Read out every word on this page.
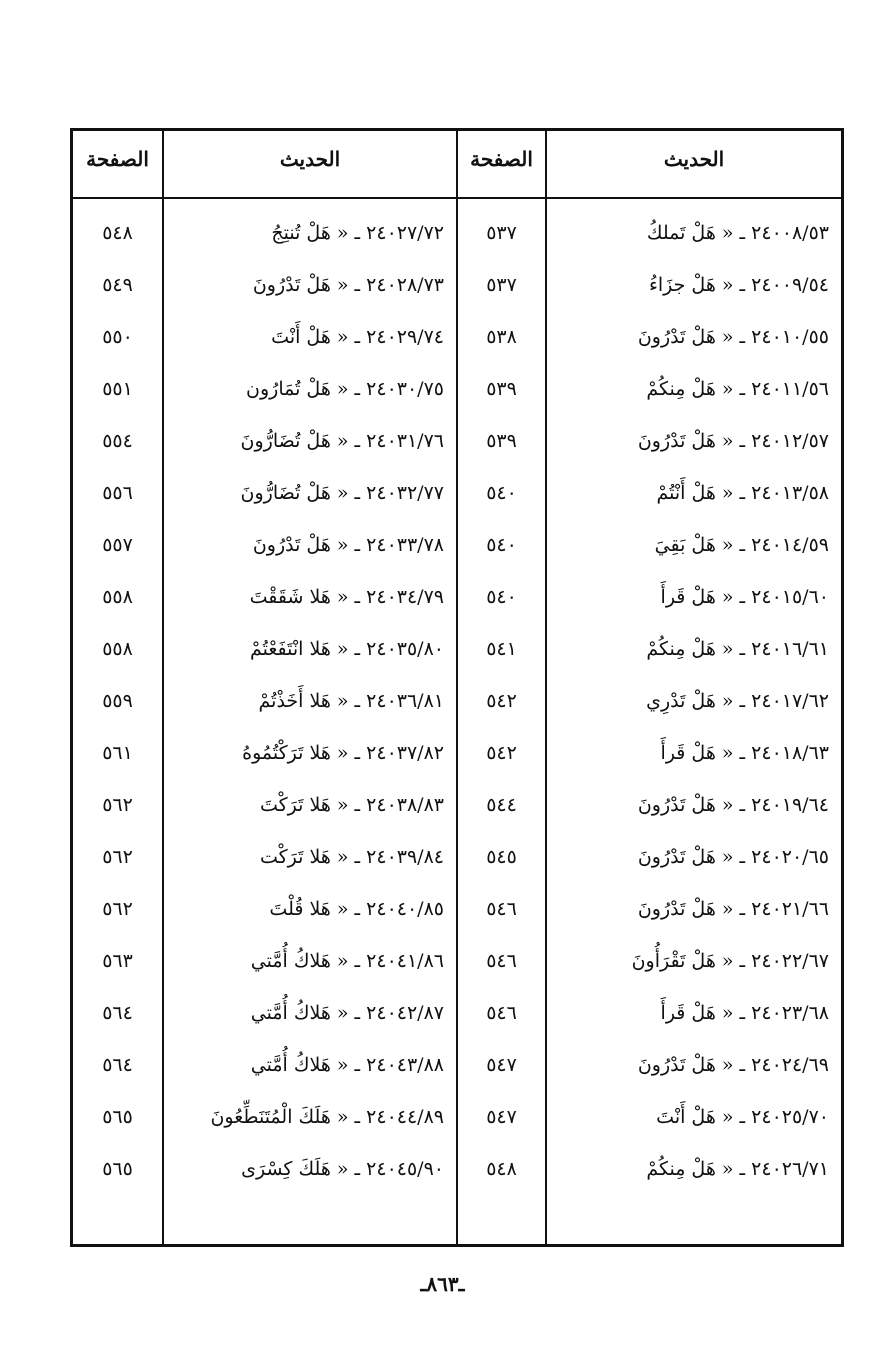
الحديث
الصفحة
الحديث
الصفحة
٢٤٠٠٨/٥٣ ـ « هَلْ تَملكُ
٥٣٧
٢٤٠٢٧/٧٢ ـ « هَلْ تُنتِجُ
٥٤٨
٢٤٠٠٩/٥٤ ـ « هَلْ جزَاءُ
٥٣٧
٢٤٠٢٨/٧٣ ـ « هَلْ تَدْرُونَ
٥٤٩
٢٤٠١٠/٥٥ ـ « هَلْ تَدْرُونَ
٥٣٨
٢٤٠٢٩/٧٤ ـ « هَلْ أَنْتَ
٥٥٠
٢٤٠١١/٥٦ ـ « هَلْ مِنكُمْ
٥٣٩
٢٤٠٣٠/٧٥ ـ « هَلْ تُمَارُون
٥٥١
٢٤٠١٢/٥٧ ـ « هَلْ تَدْرُونَ
٥٣٩
٢٤٠٣١/٧٦ ـ « هَلْ تُضَارُّونَ
٥٥٤
٢٤٠١٣/٥٨ ـ « هَلْ أَنْتُمْ
٥٤٠
٢٤٠٣٢/٧٧ ـ « هَلْ تُضَارُّونَ
٥٥٦
٢٤٠١٤/٥٩ ـ « هَلْ بَقِيَ
٥٤٠
٢٤٠٣٣/٧٨ ـ « هَلْ تَدْرُونَ
٥٥٧
٢٤٠١٥/٦٠ ـ « هَلْ قَرأَ
٥٤٠
٢٤٠٣٤/٧٩ ـ « هَلا شَقَقْتَ
٥٥٨
٢٤٠١٦/٦١ ـ « هَلْ مِنكُمْ
٥٤١
٢٤٠٣٥/٨٠ ـ « هَلا انْتَفَعْتُمْ
٥٥٨
٢٤٠١٧/٦٢ ـ « هَلْ تَدْرِي
٥٤٢
٢٤٠٣٦/٨١ ـ « هَلا أَخَذْتُمْ
٥٥٩
٢٤٠١٨/٦٣ ـ « هَلْ قَرأَ
٥٤٢
٢٤٠٣٧/٨٢ ـ « هَلا تَرَكْتُمُوهُ
٥٦١
٢٤٠١٩/٦٤ ـ « هَلْ تَدْرُونَ
٥٤٤
٢٤٠٣٨/٨٣ ـ « هَلا تَرَكْتَ
٥٦٢
٢٤٠٢٠/٦٥ ـ « هَلْ تَدْرُونَ
٥٤٥
٢٤٠٣٩/٨٤ ـ « هَلا تَرَكْت
٥٦٢
٢٤٠٢١/٦٦ ـ « هَلْ تَدْرُونَ
٥٤٦
٢٤٠٤٠/٨٥ ـ « هَلا قُلْتَ
٥٦٢
٢٤٠٢٢/٦٧ ـ « هَلْ تَقْرَأُونَ
٥٤٦
٢٤٠٤١/٨٦ ـ « هَلاكُ أُمَّتي
٥٦٣
٢٤٠٢٣/٦٨ ـ « هَلْ قَرأَ
٥٤٦
٢٤٠٤٢/٨٧ ـ « هَلاكُ أُمَّتي
٥٦٤
٢٤٠٢٤/٦٩ ـ « هَلْ تَدْرُونَ
٥٤٧
٢٤٠٤٣/٨٨ ـ « هَلاكُ أُمَّتي
٥٦٤
٢٤٠٢٥/٧٠ ـ « هَلْ أَنْتَ
٥٤٧
٢٤٠٤٤/٨٩ ـ « هَلَكَ الْمُتَنَطِّعُونَ
٥٦٥
٢٤٠٢٦/٧١ ـ « هَلْ مِنكُمْ
٥٤٨
٢٤٠٤٥/٩٠ ـ « هَلَكَ كِسْرَى
٥٦٥
ـ٨٦٣ـ
